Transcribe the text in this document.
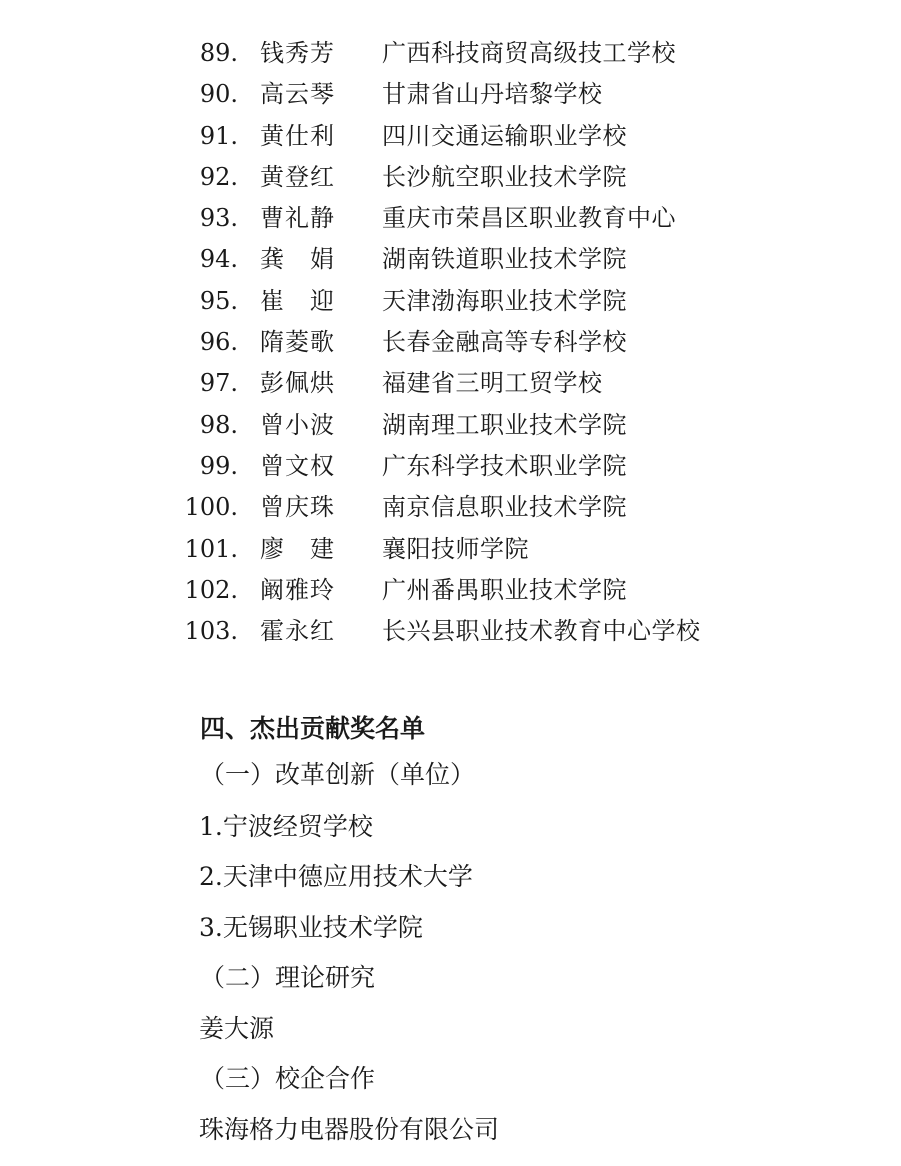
89. 钱秀芳 广西科技商贸高级技工学校
90. 高云琴 甘肃省山丹培黎学校
91. 黄仕利 四川交通运输职业学校
92. 黄登红 长沙航空职业技术学院
93. 曹礼静 重庆市荣昌区职业教育中心
94. 龚　娟 湖南铁道职业技术学院
95. 崔　迎 天津渤海职业技术学院
96. 隋菱歌 长春金融高等专科学校
97. 彭佩烘 福建省三明工贸学校
98. 曾小波 湖南理工职业技术学院
99. 曾文权 广东科学技术职业学院
100. 曾庆珠 南京信息职业技术学院
101. 廖　建 襄阳技师学院
102. 阚雅玲 广州番禺职业技术学院
103. 霍永红 长兴县职业技术教育中心学校
四、杰出贡献奖名单
（一）改革创新（单位）
1.宁波经贸学校
2.天津中德应用技术大学
3.无锡职业技术学院
（二）理论研究
姜大源
（三）校企合作
珠海格力电器股份有限公司
